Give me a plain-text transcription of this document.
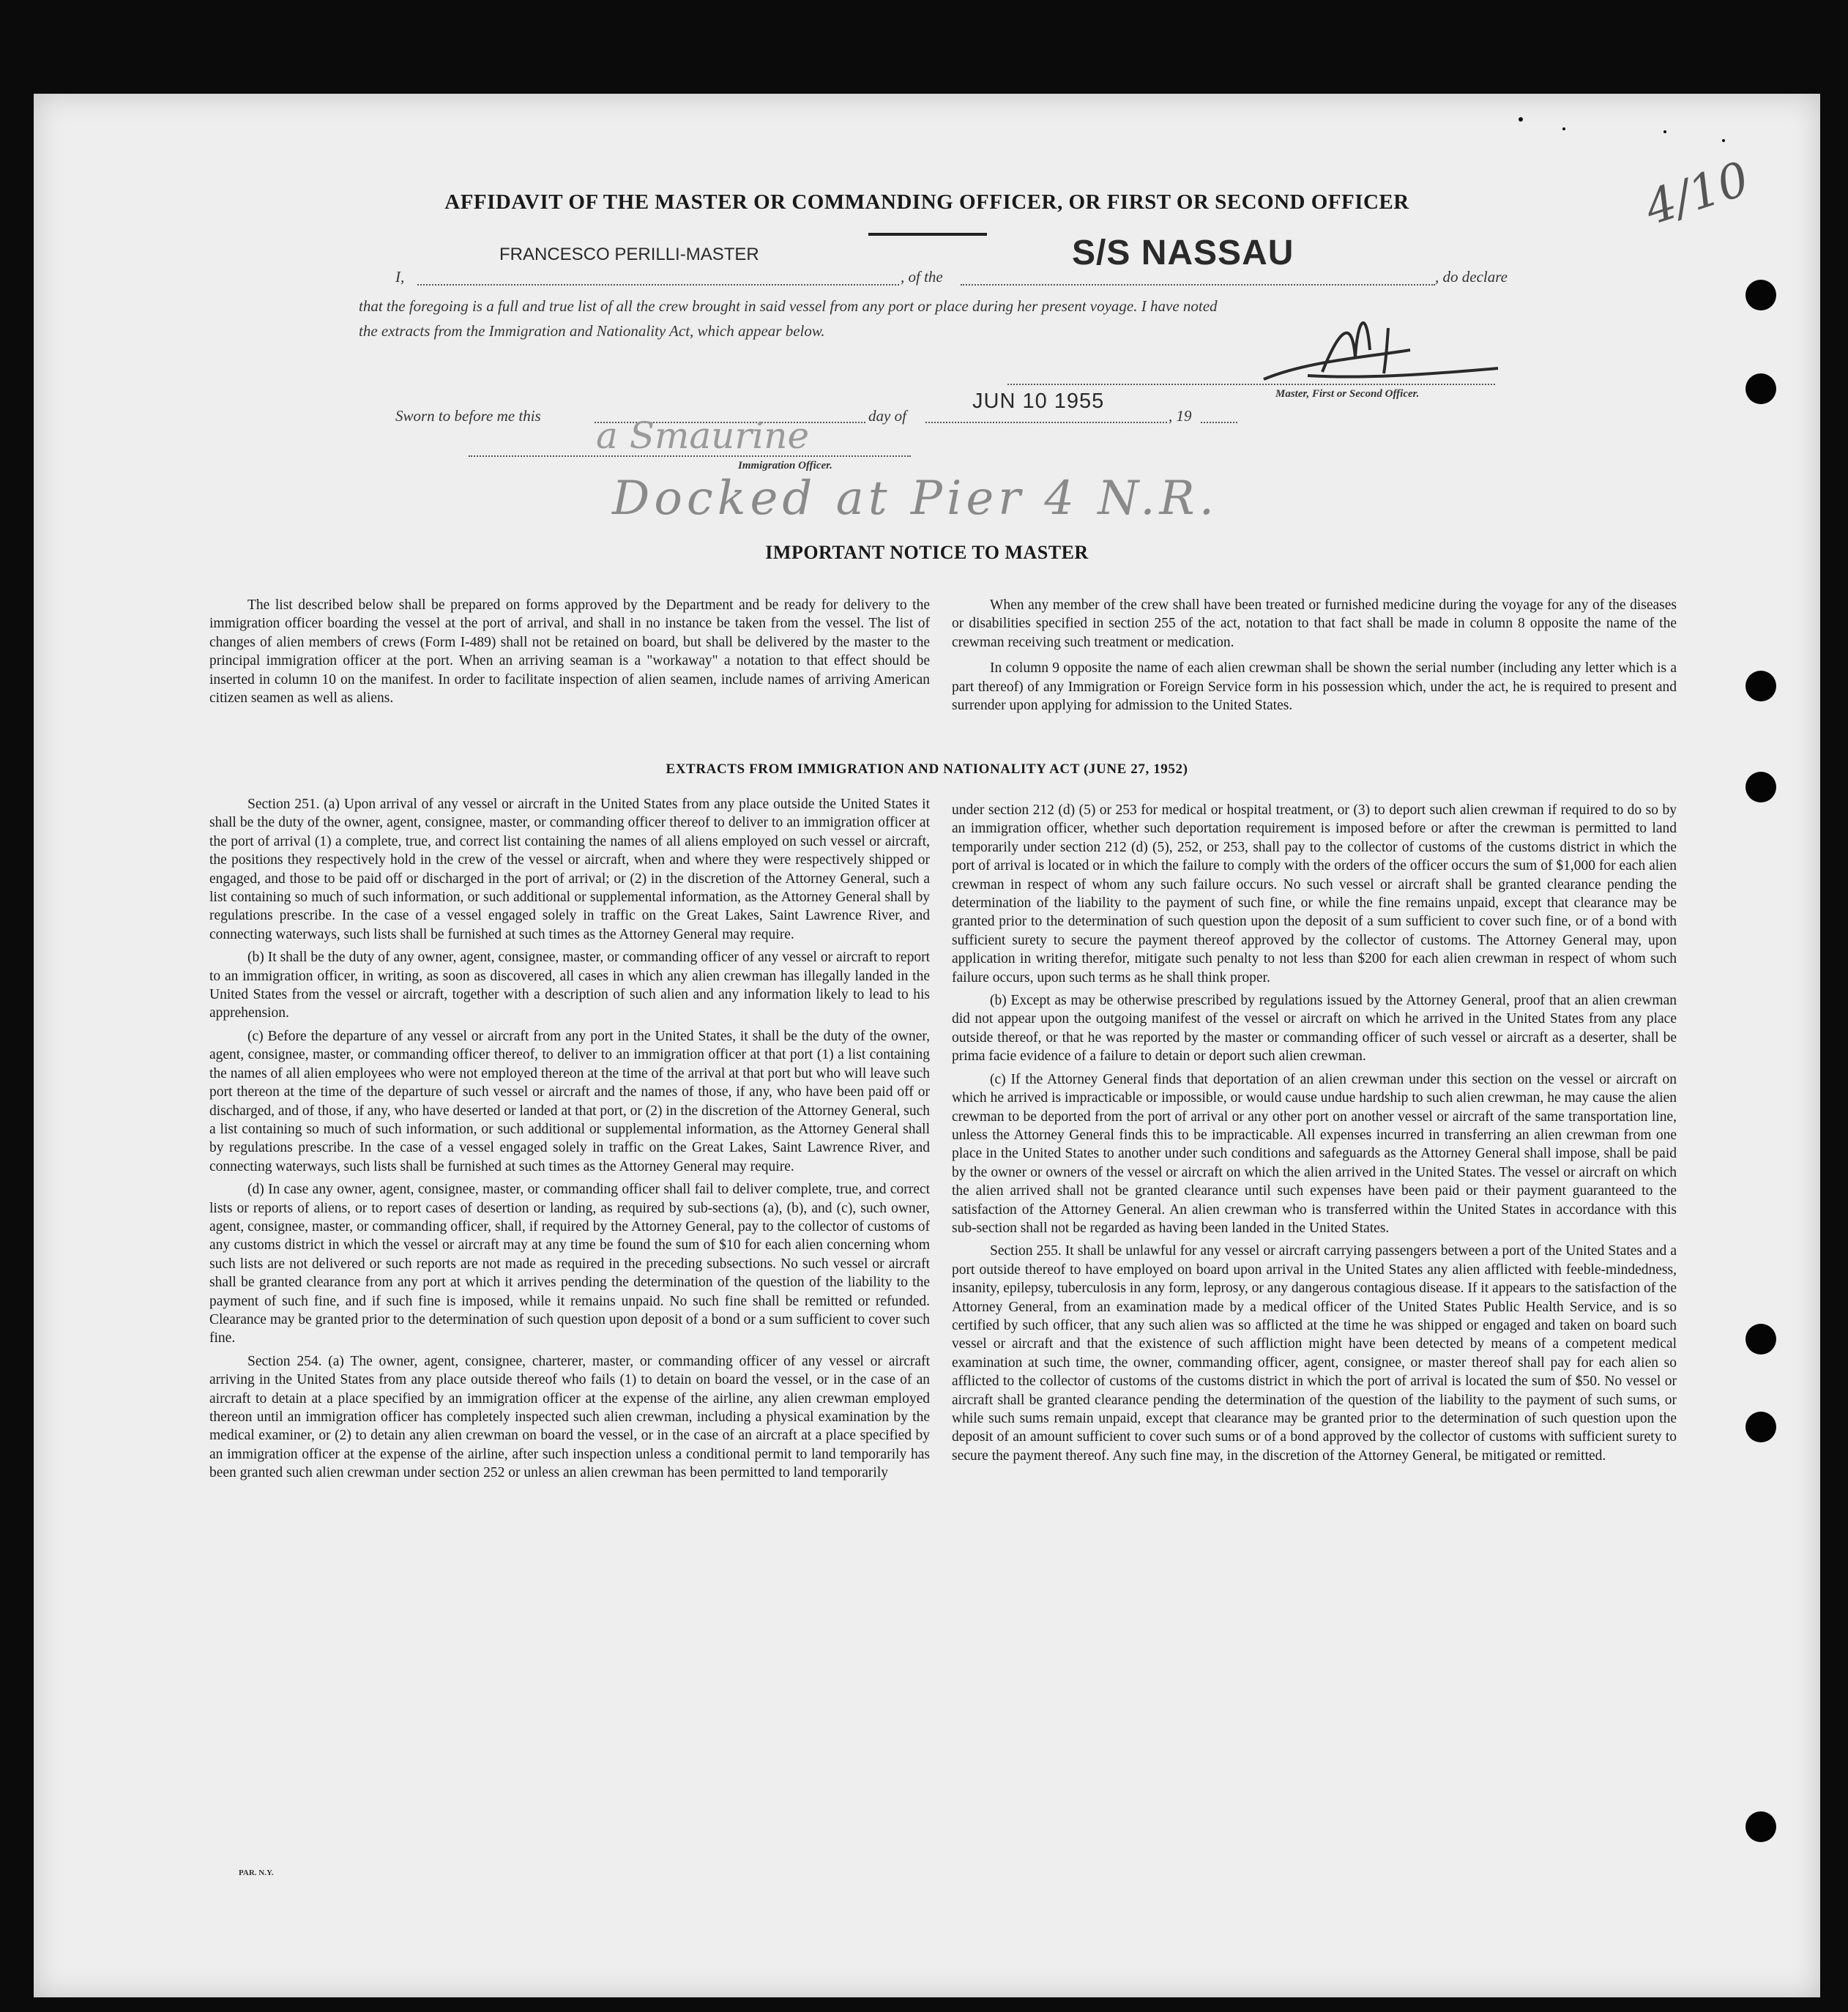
4/10
AFFIDAVIT OF THE MASTER OR COMMANDING OFFICER, OR FIRST OR SECOND OFFICER
I,
FRANCESCO PERILLI-MASTER
, of the
S/S NASSAU
, do declare
that the foregoing is a full and true list of all the crew brought in said vessel from any port or place during her present voyage. I have noted
the extracts from the Immigration and Nationality Act, which appear below.
Master, First or Second Officer.
Sworn to before me this	day of
JUN 10 1955
, 19
a Smaurine
Immigration Officer.
Docked at Pier 4 N.R.
IMPORTANT NOTICE TO MASTER

The list described below shall be prepared on forms approved by the Department and be ready for delivery to the immigration officer boarding the vessel at the port of arrival, and shall in no instance be taken from the vessel. The list of changes of alien members of crews (Form I-489) shall not be retained on board, but shall be delivered by the master to the principal immigration officer at the port. When an arriving seaman is a "workaway" a notation to that effect should be inserted in column 10 on the manifest. In order to facilitate inspection of alien seamen, include names of arriving American citizen seamen as well as aliens.

When any member of the crew shall have been treated or furnished medicine during the voyage for any of the diseases or disabilities specified in section 255 of the act, notation to that fact shall be made in column 8 opposite the name of the crewman receiving such treatment or medication.

In column 9 opposite the name of each alien crewman shall be shown the serial number (including any letter which is a part thereof) of any Immigration or Foreign Service form in his possession which, under the act, he is required to present and surrender upon applying for admission to the United States.

EXTRACTS FROM IMMIGRATION AND NATIONALITY ACT (JUNE 27, 1952)

Section 251. (a) Upon arrival of any vessel or aircraft in the United States from any place outside the United States it shall be the duty of the owner, agent, consignee, master, or commanding officer thereof to deliver to an immigration officer at the port of arrival (1) a complete, true, and correct list containing the names of all aliens employed on such vessel or aircraft, the positions they respectively hold in the crew of the vessel or aircraft, when and where they were respectively shipped or engaged, and those to be paid off or discharged in the port of arrival; or (2) in the discretion of the Attorney General, such a list containing so much of such information, or such additional or supplemental information, as the Attorney General shall by regulations prescribe. In the case of a vessel engaged solely in traffic on the Great Lakes, Saint Lawrence River, and connecting waterways, such lists shall be furnished at such times as the Attorney General may require.

(b) It shall be the duty of any owner, agent, consignee, master, or commanding officer of any vessel or aircraft to report to an immigration officer, in writing, as soon as discovered, all cases in which any alien crewman has illegally landed in the United States from the vessel or aircraft, together with a description of such alien and any information likely to lead to his apprehension.

(c) Before the departure of any vessel or aircraft from any port in the United States, it shall be the duty of the owner, agent, consignee, master, or commanding officer thereof, to deliver to an immigration officer at that port (1) a list containing the names of all alien employees who were not employed thereon at the time of the arrival at that port but who will leave such port thereon at the time of the departure of such vessel or aircraft and the names of those, if any, who have been paid off or discharged, and of those, if any, who have deserted or landed at that port, or (2) in the discretion of the Attorney General, such a list containing so much of such information, or such additional or supplemental information, as the Attorney General shall by regulations prescribe. In the case of a vessel engaged solely in traffic on the Great Lakes, Saint Lawrence River, and connecting waterways, such lists shall be furnished at such times as the Attorney General may require.

(d) In case any owner, agent, consignee, master, or commanding officer shall fail to deliver complete, true, and correct lists or reports of aliens, or to report cases of desertion or landing, as required by sub-sections (a), (b), and (c), such owner, agent, consignee, master, or commanding officer, shall, if required by the Attorney General, pay to the collector of customs of any customs district in which the vessel or aircraft may at any time be found the sum of $10 for each alien concerning whom such lists are not delivered or such reports are not made as required in the preceding subsections. No such vessel or aircraft shall be granted clearance from any port at which it arrives pending the determination of the question of the liability to the payment of such fine, and if such fine is imposed, while it remains unpaid. No such fine shall be remitted or refunded. Clearance may be granted prior to the determination of such question upon deposit of a bond or a sum sufficient to cover such fine.

Section 254. (a) The owner, agent, consignee, charterer, master, or commanding officer of any vessel or aircraft arriving in the United States from any place outside thereof who fails (1) to detain on board the vessel, or in the case of an aircraft to detain at a place specified by an immigration officer at the expense of the airline, any alien crewman employed thereon until an immigration officer has completely inspected such alien crewman, including a physical examination by the medical examiner, or (2) to detain any alien crewman on board the vessel, or in the case of an aircraft at a place specified by an immigration officer at the expense of the airline, after such inspection unless a conditional permit to land temporarily has been granted such alien crewman under section 252 or unless an alien crewman has been permitted to land temporarily

under section 212 (d) (5) or 253 for medical or hospital treatment, or (3) to deport such alien crewman if required to do so by an immigration officer, whether such deportation requirement is imposed before or after the crewman is permitted to land temporarily under section 212 (d) (5), 252, or 253, shall pay to the collector of customs of the customs district in which the port of arrival is located or in which the failure to comply with the orders of the officer occurs the sum of $1,000 for each alien crewman in respect of whom any such failure occurs. No such vessel or aircraft shall be granted clearance pending the determination of the liability to the payment of such fine, or while the fine remains unpaid, except that clearance may be granted prior to the determination of such question upon the deposit of a sum sufficient to cover such fine, or of a bond with sufficient surety to secure the payment thereof approved by the collector of customs. The Attorney General may, upon application in writing therefor, mitigate such penalty to not less than $200 for each alien crewman in respect of whom such failure occurs, upon such terms as he shall think proper.

(b) Except as may be otherwise prescribed by regulations issued by the Attorney General, proof that an alien crewman did not appear upon the outgoing manifest of the vessel or aircraft on which he arrived in the United States from any place outside thereof, or that he was reported by the master or commanding officer of such vessel or aircraft as a deserter, shall be prima facie evidence of a failure to detain or deport such alien crewman.

(c) If the Attorney General finds that deportation of an alien crewman under this section on the vessel or aircraft on which he arrived is impracticable or impossible, or would cause undue hardship to such alien crewman, he may cause the alien crewman to be deported from the port of arrival or any other port on another vessel or aircraft of the same transportation line, unless the Attorney General finds this to be impracticable. All expenses incurred in transferring an alien crewman from one place in the United States to another under such conditions and safeguards as the Attorney General shall impose, shall be paid by the owner or owners of the vessel or aircraft on which the alien arrived in the United States. The vessel or aircraft on which the alien arrived shall not be granted clearance until such expenses have been paid or their payment guaranteed to the satisfaction of the Attorney General. An alien crewman who is transferred within the United States in accordance with this sub-section shall not be regarded as having been landed in the United States.

Section 255. It shall be unlawful for any vessel or aircraft carrying passengers between a port of the United States and a port outside thereof to have employed on board upon arrival in the United States any alien afflicted with feeble-mindedness, insanity, epilepsy, tuberculosis in any form, leprosy, or any dangerous contagious disease. If it appears to the satisfaction of the Attorney General, from an examination made by a medical officer of the United States Public Health Service, and is so certified by such officer, that any such alien was so afflicted at the time he was shipped or engaged and taken on board such vessel or aircraft and that the existence of such affliction might have been detected by means of a competent medical examination at such time, the owner, commanding officer, agent, consignee, or master thereof shall pay for each alien so afflicted to the collector of customs of the customs district in which the port of arrival is located the sum of $50. No vessel or aircraft shall be granted clearance pending the determination of the question of the liability to the payment of such sums, or while such sums remain unpaid, except that clearance may be granted prior to the determination of such question upon the deposit of an amount sufficient to cover such sums or of a bond approved by the collector of customs with sufficient surety to secure the payment thereof. Any such fine may, in the discretion of the Attorney General, be mitigated or remitted.

PAR. N.Y.
